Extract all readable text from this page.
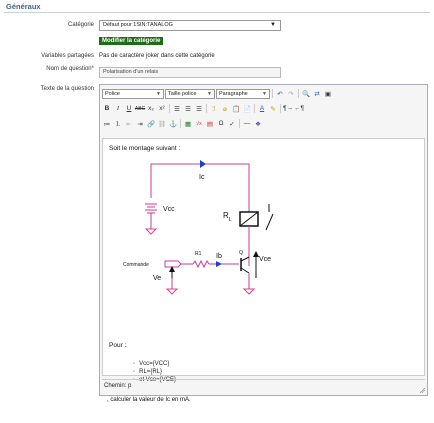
Généraux
Catégorie	Défaut pour 1SIN:TANALOG	▼
Modifier la catégorie
Variables partagées Pas de caractère joker dans cette catégorie
Nom de question*	Polarisation d'un relais
Texte de la question
Police	▼	Taille police ▼	Paragraphe	▼	↶ ↷	🔍 ⇄ ▣
B	I	U ABC x₂ x²	☰ ☰ ☰	ℐ	⌀ 📋 📄	A ✎	¶→ ←¶
≔ ⒈ ⇤ ⇥ 🔗 ⛓ ⚓ ▦	√x ▤ Ω ✓	— ❖
Soit le montage suivant :
Ic
Vcc
$R_L$
R1 Ib	Q
Commande
Vce
Ve
Pour :
◦ Vcc={VCC}
◦ RL={RL}
◦ et Vce={VCE}
, calculer la valeur de Ic en mA.
Chemin: p
